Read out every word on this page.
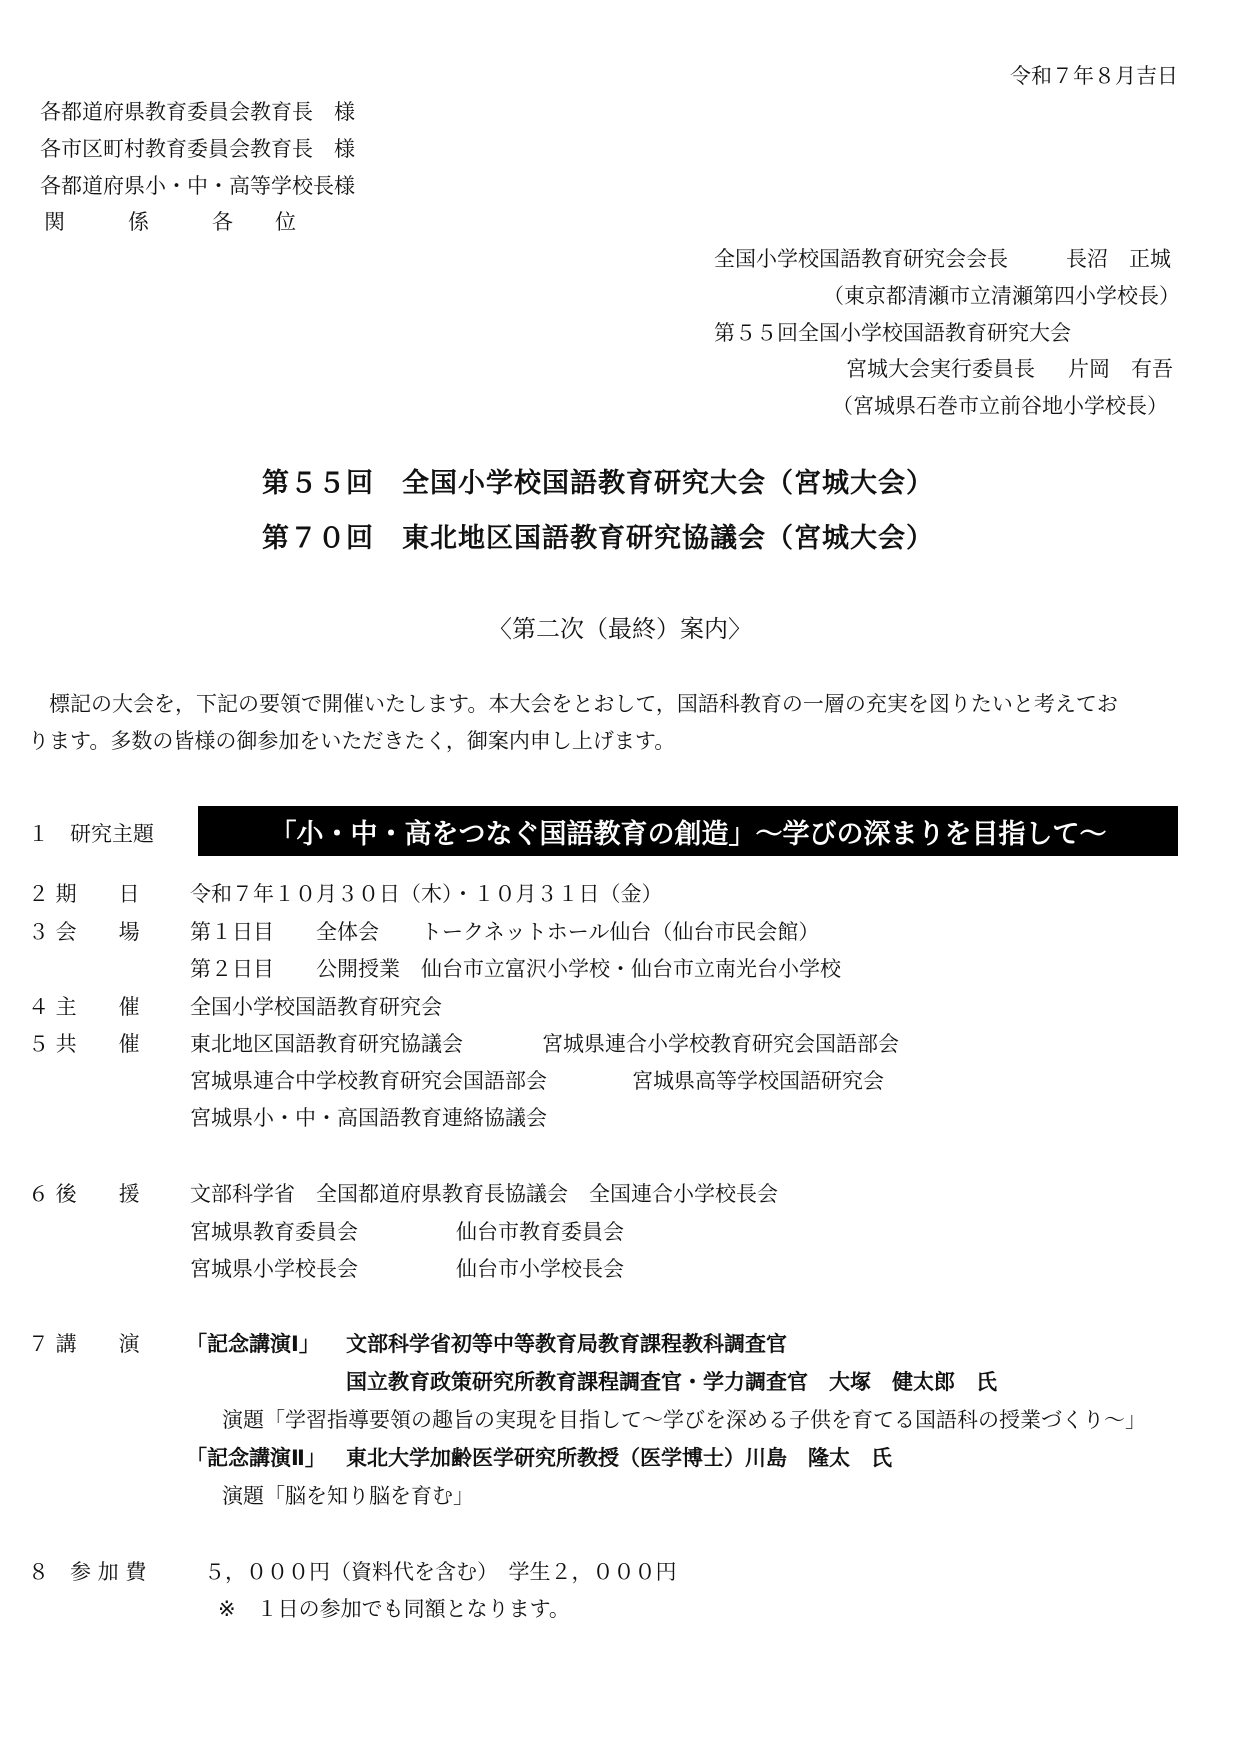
令和７年８月吉日
各都道府県教育委員会教育長　様
各市区町村教育委員会教育長　様
各都道府県小・中・高等学校長様
関　　　係　　　各　　位
全国小学校国語教育研究会会長	長沼　正城
（東京都清瀬市立清瀬第四小学校長）
第５５回全国小学校国語教育研究大会
宮城大会実行委員長 片岡　有吾
（宮城県石巻市立前谷地小学校長）
第５５回　全国小学校国語教育研究大会（宮城大会）
第７０回　東北地区国語教育研究協議会（宮城大会）
〈第二次（最終）案内〉

　標記の大会を，下記の要領で開催いたします。本大会をとおして，国語科教育の一層の充実を図りたいと考えてお

ります。多数の皆様の御参加をいただきたく，御案内申し上げます。

１　研究主題	「小・中・高をつなぐ国語教育の創造」～学びの深まりを目指して～
２ 期　　日 令和７年１０月３０日（木）・１０月３１日（金）
３ 会　　場 第１日目　　全体会　　トークネットホール仙台（仙台市民会館）
第２日目　　公開授業　仙台市立富沢小学校・仙台市立南光台小学校
４ 主　　催 全国小学校国語教育研究会
５ 共　　催 東北地区国語教育研究協議会	宮城県連合小学校教育研究会国語部会
宮城県連合中学校教育研究会国語部会	宮城県高等学校国語研究会
宮城県小・中・高国語教育連絡協議会
６ 後　　援 文部科学省　全国都道府県教育長協議会　全国連合小学校長会
宮城県教育委員会	仙台市教育委員会
宮城県小学校長会	仙台市小学校長会
７ 講　　演 「記念講演Ⅰ」 文部科学省初等中等教育局教育課程教科調査官
国立教育政策研究所教育課程調査官・学力調査官　大塚　健太郎　氏
演題「学習指導要領の趣旨の実現を目指して～学びを深める子供を育てる国語科の授業づくり～」
「記念講演Ⅱ」 東北大学加齢医学研究所教授（医学博士）川島　隆太　氏
演題「脳を知り脳を育む」
８　参 加 費	５，０００円（資料代を含む）　学生２，０００円
※　１日の参加でも同額となります。
